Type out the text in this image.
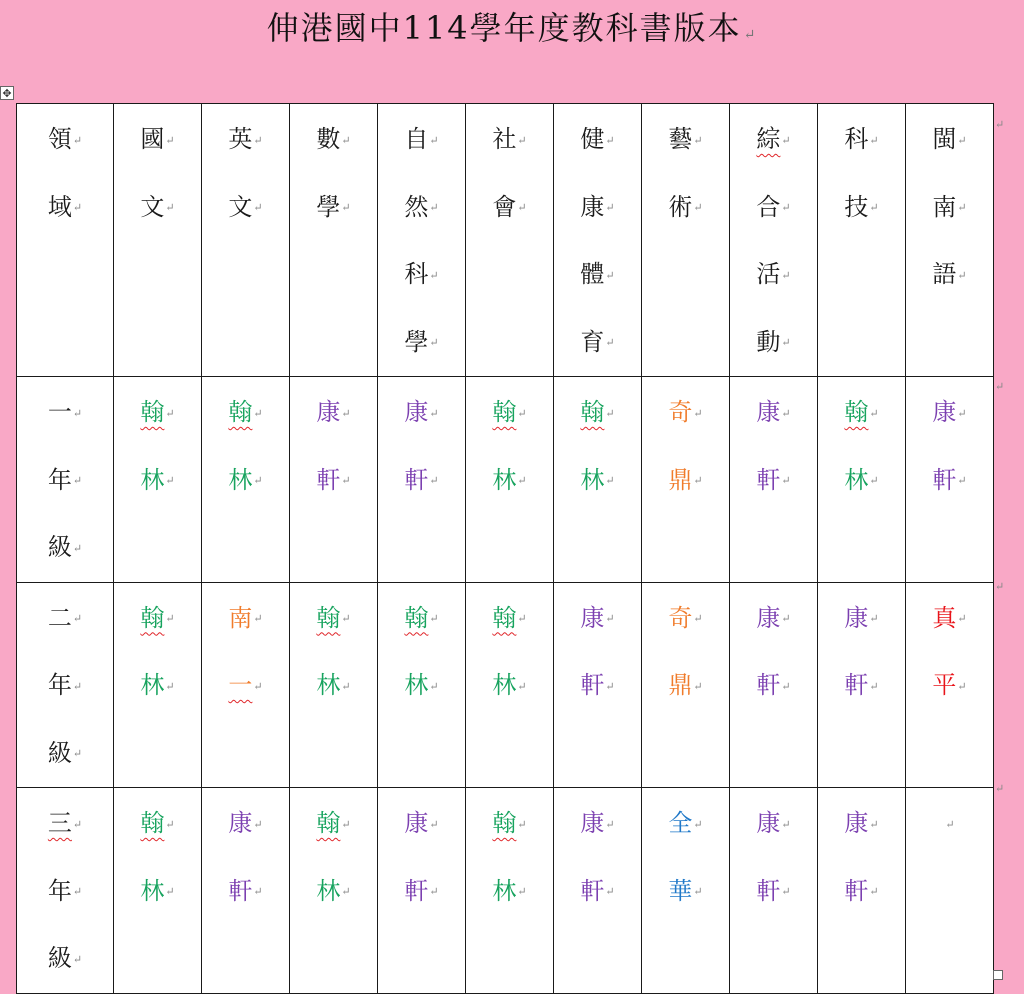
伸港國中114學年度教科書版本 ↵
✥
領↵
域↵	國↵
文↵	英↵
文↵	數↵
學↵	自↵
然↵
科↵
學↵	社↵
會↵	健↵
康↵
體↵
育↵	藝↵
術↵	綜↵
合↵
活↵
動↵	科↵
技↵	閩↵
南↵
語↵

一↵
年↵
級↵	翰↵
林↵	翰↵
林↵	康↵
軒↵	康↵
軒↵	翰↵
林↵	翰↵
林↵	奇↵
鼎↵	康↵
軒↵	翰↵
林↵	康↵
軒↵

二↵
年↵
級↵	翰↵
林↵	南↵
一↵	翰↵
林↵	翰↵
林↵	翰↵
林↵	康↵
軒↵	奇↵
鼎↵	康↵
軒↵	康↵
軒↵	真↵
平↵

三↵
年↵
級↵	翰↵
林↵	康↵
軒↵	翰↵
林↵	康↵
軒↵	翰↵
林↵	康↵
軒↵	全↵
華↵	康↵
軒↵	康↵
軒↵	↵
↵
↵
↵
↵
